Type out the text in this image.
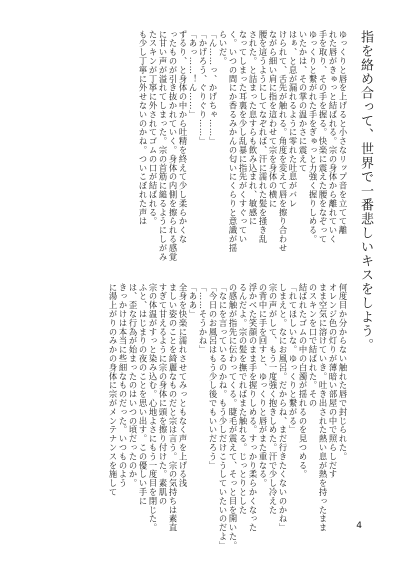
指を絡め合って、世界で一番悲しいキスをしよう。

ゆっくりと唇を上げると小さなリップ音を立てて離
れた唇がきゅっと結ばれる。宗の身体から離れていく
手を取り、その手を握る。快楽に震えた腰をなぞって
ゆっくりと繋がれた手をぎゅっと力強く握りしめる。
いたかは、その掌の温かさに震えて
はぁ、と息が漏れるように零れた吐息がバレ
けられて、舌先が触れる。角度を変えて唇を擦り合わせ
ながら細い肩に指を這わせて宗を身体の横に
腰を這うようにしてなぞれば、汗に濡れた髪を掻き乱
された。と詰まった息すらも飲み込まれ、敏感に
なってしまった耳裏を少し乱暴に指先がくすぐってい
く。いつの間にか香るみかんの匂いにくらりと意識が揺
らいだ。
「ん……っ、かげちゃ……」
「かげろう、ぐりぐり……」
「あっ……！ん……」
ずるり、と身体の中から吐精を終えて少し柔らかくな
ったものが引き抜かれていく。身体の内側を擦られる感覚
に甘い声が溢れてしまった。宗の首筋に縋るようにしがみ
たスキンが丁寧に外されてゴムの口が結ばれる。
も少し丁寧に外せないのかね。ついこぼれた声は

何度目か分からない触れた唇で封じられた。
オレンジ色の灯りが薄暗い部屋の中で照らしだす
まま空気に溶けていき。吐き出された熱い息が熱を持ったまま
のスキンを口で結ばれた。その
結ばれたゴムの中の白濁が揺れるのを見つめる。
「れてほしいな。ゆっくりと繋がる」
しまえと。なにお風呂。だからね、まだ行きたくないのかね」
宗の声がして、もう一度強く抱きしめた。汗で少し冷えた
の背中に手を回すと、ゆっくりと唇がまた重なる。
浮かべた笑顔のまま手を握りしめる。すっかり柔らかくなった
るんだよ。宗の髪を撫でればまた触れる。じっとりとした
の感触が指先に伝わってくる。睫毛が震えて、そっと目を開いた。
「なにを言っているのかね。もう少しだけこうしていたいのだよ」
「今日のお風呂はもう少し後でもいいだろう」
「……そうかね」
「ああ」
全身を快楽に濡れさせてみっともなく声を上げる浅
ましい姿のことを綺麗なものだと宗は言う。宗の気持ちは素直
すぎて甘えるように宗の身体に頭を擦り付けた。素肌の
宗の体温がすっと染み込む。心地よさにもう一度目を閉じた。
ふと、はじまりの夜のことを思い出す。この優しい手に
は、歪な行為が始まったのはいつの頃だったのか。
きっかけは本当に些細なものだった。いつものよう
に湯上がりのみかの身体に宗がメンテナンスを施して

4
